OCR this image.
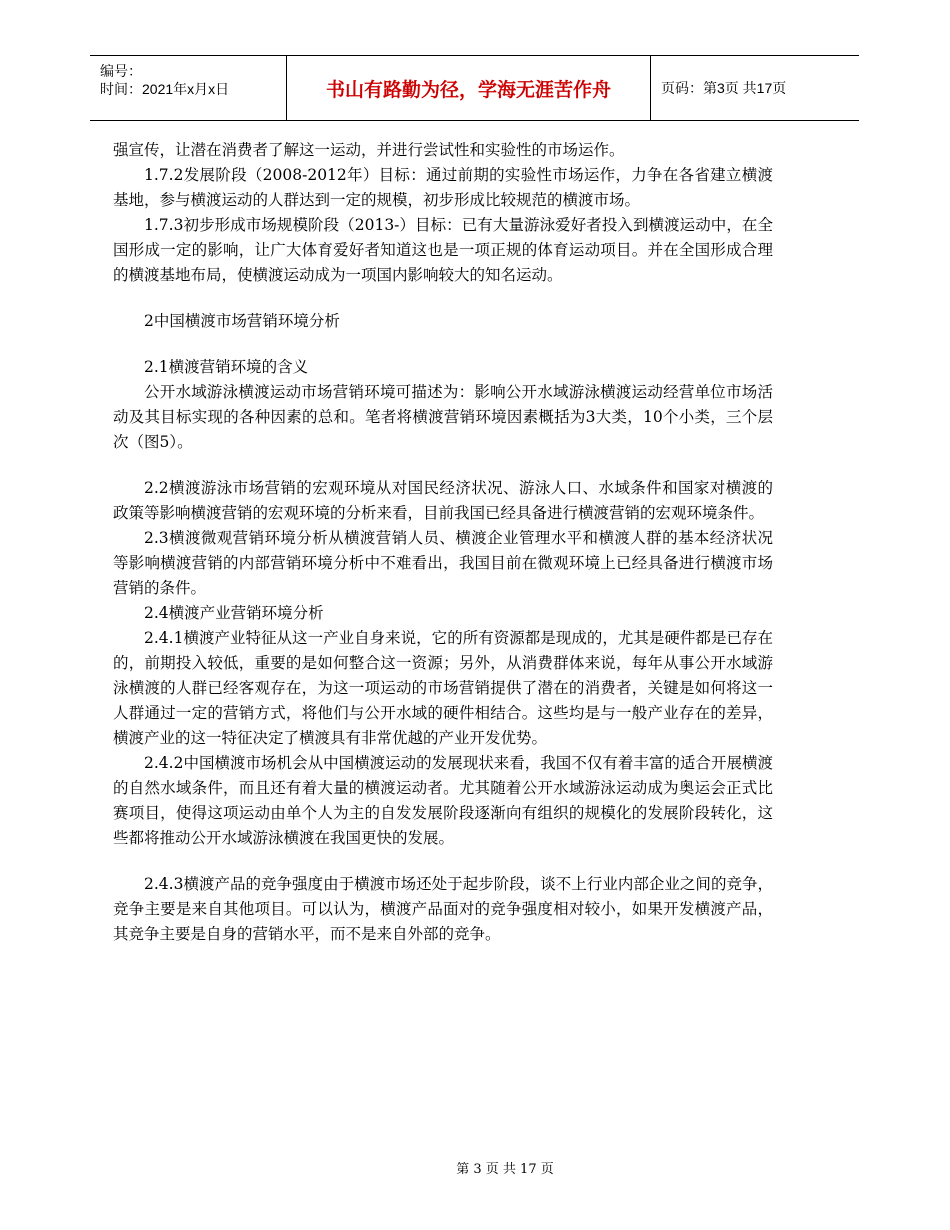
编号：
时间：2021年x月x日	书山有路勤为径，学海无涯苦作舟	页码：第3页 共17页

强宣传，让潜在消费者了解这一运动，并进行尝试性和实验性的市场运作。

1.7.2发展阶段（2008-2012年）目标：通过前期的实验性市场运作，力争在各省建立横渡基地，参与横渡运动的人群达到一定的规模，初步形成比较规范的横渡市场。

1.7.3初步形成市场规模阶段（2013-）目标：已有大量游泳爱好者投入到横渡运动中，在全国形成一定的影响，让广大体育爱好者知道这也是一项正规的体育运动项目。并在全国形成合理的横渡基地布局，使横渡运动成为一项国内影响较大的知名运动。

2中国横渡市场营销环境分析

2.1横渡营销环境的含义

公开水域游泳横渡运动市场营销环境可描述为：影响公开水域游泳横渡运动经营单位市场活动及其目标实现的各种因素的总和。笔者将横渡营销环境因素概括为3大类，10个小类，三个层次（图5）。

2.2横渡游泳市场营销的宏观环境从对国民经济状况、游泳人口、水域条件和国家对横渡的政策等影响横渡营销的宏观环境的分析来看，目前我国已经具备进行横渡营销的宏观环境条件。

2.3横渡微观营销环境分析从横渡营销人员、横渡企业管理水平和横渡人群的基本经济状况等影响横渡营销的内部营销环境分析中不难看出，我国目前在微观环境上已经具备进行横渡市场营销的条件。

2.4横渡产业营销环境分析

2.4.1横渡产业特征从这一产业自身来说，它的所有资源都是现成的，尤其是硬件都是已存在的，前期投入较低，重要的是如何整合这一资源；另外，从消费群体来说，每年从事公开水域游泳横渡的人群已经客观存在，为这一项运动的市场营销提供了潜在的消费者，关键是如何将这一人群通过一定的营销方式，将他们与公开水域的硬件相结合。这些均是与一般产业存在的差异，横渡产业的这一特征决定了横渡具有非常优越的产业开发优势。

2.4.2中国横渡市场机会从中国横渡运动的发展现状来看，我国不仅有着丰富的适合开展横渡的自然水域条件，而且还有着大量的横渡运动者。尤其随着公开水域游泳运动成为奥运会正式比赛项目，使得这项运动由单个人为主的自发发展阶段逐渐向有组织的规模化的发展阶段转化，这些都将推动公开水域游泳横渡在我国更快的发展。

2.4.3横渡产品的竞争强度由于横渡市场还处于起步阶段，谈不上行业内部企业之间的竞争，竞争主要是来自其他项目。可以认为，横渡产品面对的竞争强度相对较小，如果开发横渡产品，其竞争主要是自身的营销水平，而不是来自外部的竞争。

第 3 页 共 17 页
